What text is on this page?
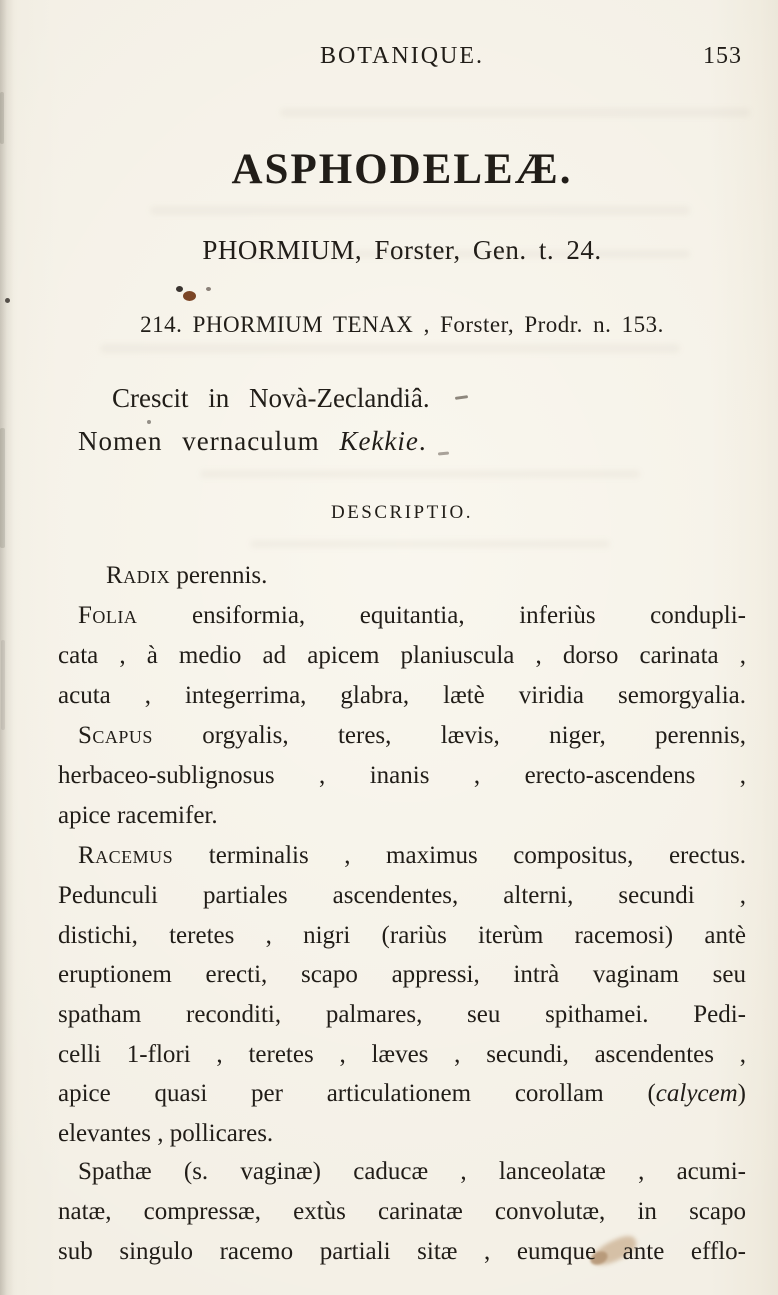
BOTANIQUE.	153
ASPHODELEÆ.
PHORMIUM, Forster, Gen. t. 24.
214. PHORMIUM TENAX , Forster, Prodr. n. 153.
Crescit in Novà-Zeclandiâ.
Nomen vernaculum Kekkie.
DESCRIPTIO.
Radix perennis.
Folia ensiformia, equitantia, inferiùs condupli-
cata , à medio ad apicem planiuscula , dorso carinata ,
acuta , integerrima, glabra, lætè viridia semorgyalia.
Scapus orgyalis, teres, lævis, niger, perennis,
herbaceo-sublignosus , inanis , erecto-ascendens ,
apice racemifer.
Racemus terminalis , maximus compositus, erectus.
Pedunculi partiales ascendentes, alterni, secundi ,
distichi, teretes , nigri (rariùs iterùm racemosi) antè
eruptionem erecti, scapo appressi, intrà vaginam seu
spatham reconditi, palmares, seu spithamei. Pedi-
celli 1-flori , teretes , læves , secundi, ascendentes ,
apice quasi per articulationem corollam (calycem)
elevantes , pollicares.
Spathæ (s. vaginæ) caducæ , lanceolatæ , acumi-
natæ, compressæ, extùs carinatæ convolutæ, in scapo
sub singulo racemo partiali sitæ , eumque ante efflo-
